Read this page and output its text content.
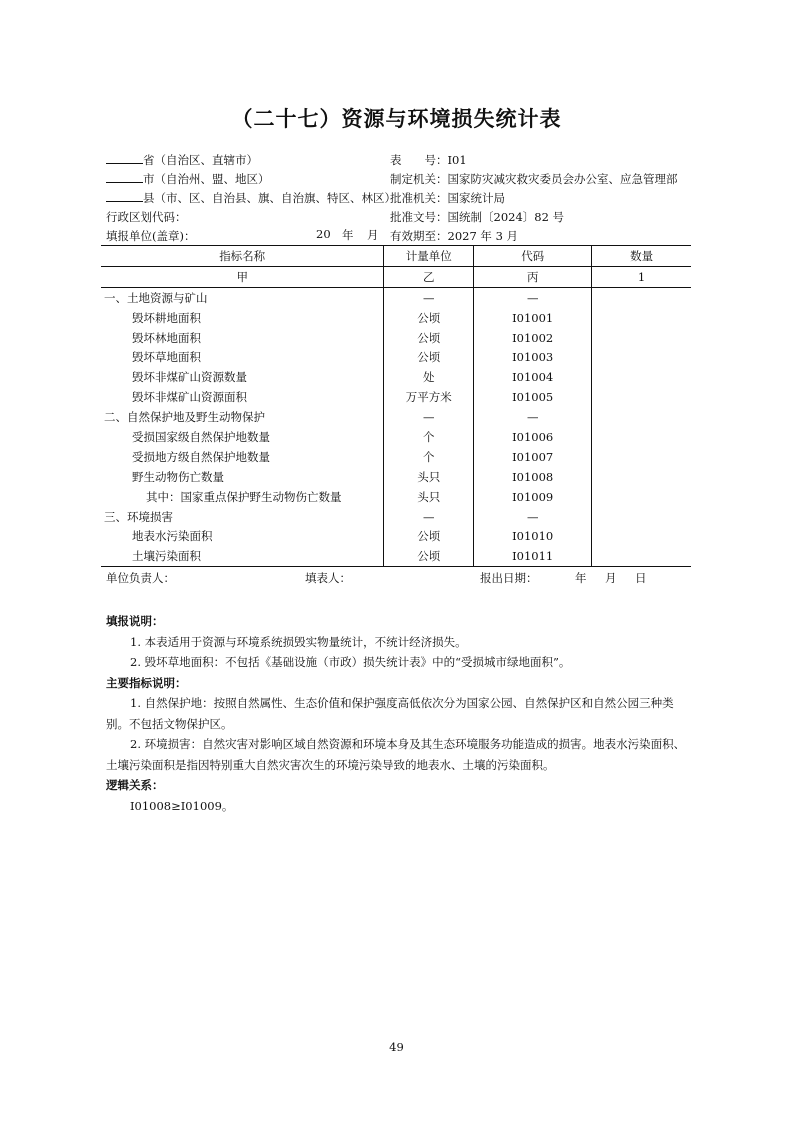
（二十七）资源与环境损失统计表
省（自治区、直辖市）
市（自治州、盟、地区）
县（市、区、自治县、旗、自治旗、特区、林区）
行政区划代码：
填报单位(盖章)：	20 年 月
表　　号：I01
制定机关：国家防灾减灾救灾委员会办公室、应急管理部
批准机关：国家统计局
批准文号：国统制〔2024〕82 号
有效期至：2027 年 3 月
指标名称	计量单位	代码	数量
甲	乙	丙	1
一、土地资源与矿山	—	—	
毁坏耕地面积	公顷	I01001	
毁坏林地面积	公顷	I01002	
毁坏草地面积	公顷	I01003	
毁坏非煤矿山资源数量	处	I01004	
毁坏非煤矿山资源面积	万平方米	I01005	
二、自然保护地及野生动物保护	—	—	
受损国家级自然保护地数量	个	I01006	
受损地方级自然保护地数量	个	I01007	
野生动物伤亡数量	头只	I01008	
其中：国家重点保护野生动物伤亡数量	头只	I01009	
三、环境损害	—	—	
地表水污染面积	公顷	I01010	
土壤污染面积	公顷	I01011	
单位负责人：	填表人：	报出日期：	年 月 日
填报说明：
1. 本表适用于资源与环境系统损毁实物量统计，不统计经济损失。
2. 毁坏草地面积：不包括《基础设施（市政）损失统计表》中的“受损城市绿地面积”。
主要指标说明：
1. 自然保护地：按照自然属性、生态价值和保护强度高低依次分为国家公园、自然保护区和自然公园三种类别。不包括文物保护区。
2. 环境损害：自然灾害对影响区域自然资源和环境本身及其生态环境服务功能造成的损害。地表水污染面积、土壤污染面积是指因特别重大自然灾害次生的环境污染导致的地表水、土壤的污染面积。
逻辑关系：
I01008≥I01009。
49
